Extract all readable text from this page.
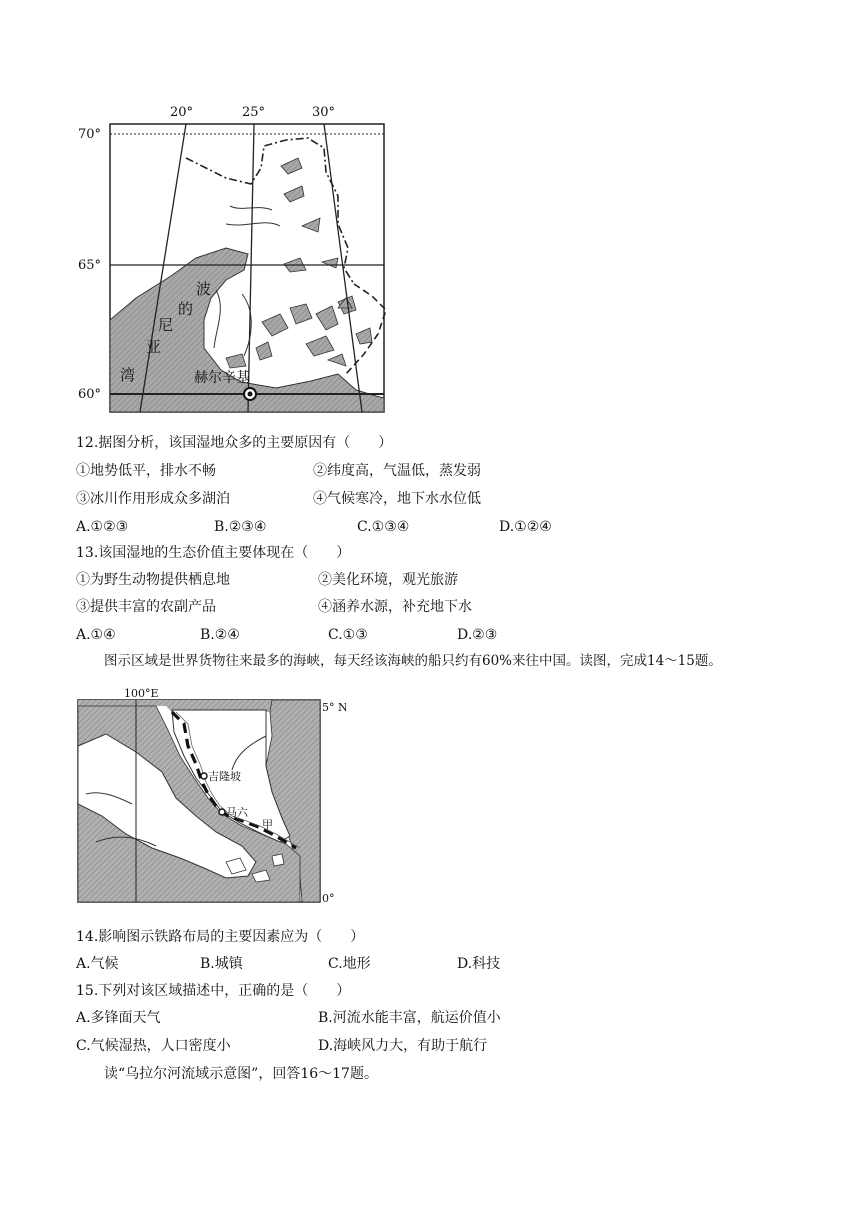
20°	25°	30°
70°
65°
60°
波
的
尼
亚
湾	赫尔辛基
12.据图分析，该国湿地众多的主要原因有（　　）
①地势低平，排水不畅	②纬度高，气温低，蒸发弱
③冰川作用形成众多湖泊	④气候寒冷，地下水水位低
A.①②③	B.②③④	C.①③④	D.①②④
13.该国湿地的生态价值主要体现在（　　）
①为野生动物提供栖息地	②美化环境，观光旅游
③提供丰富的农副产品	④涵养水源，补充地下水
A.①④	B.②④	C.①③	D.②③
图示区域是世界货物往来最多的海峡，每天经该海峡的船只约有60%来往中国。读图，完成14～15题。
100°E
5° N
0°
吉隆坡
马六
甲
14.影响图示铁路布局的主要因素应为（　　）
A.气候	B.城镇	C.地形	D.科技
15.下列对该区域描述中，正确的是（　　）
A.多锋面天气	B.河流水能丰富，航运价值小
C.气候湿热，人口密度小	D.海峡风力大，有助于航行
读“乌拉尔河流域示意图”，回答16～17题。
